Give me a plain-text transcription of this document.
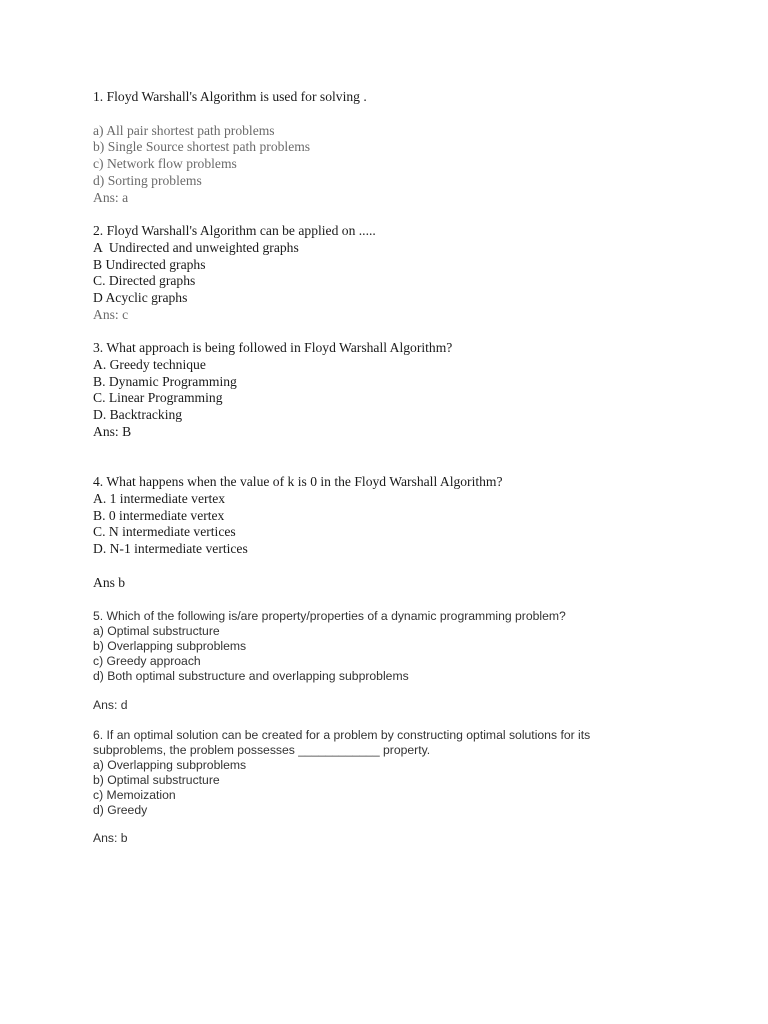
1. Floyd Warshall's Algorithm is used for solving .
a) All pair shortest path problems
b) Single Source shortest path problems
c) Network flow problems
d) Sorting problems
Ans: a
2. Floyd Warshall's Algorithm can be applied on .....
A  Undirected and unweighted graphs
B Undirected graphs
C. Directed graphs
D Acyclic graphs
Ans: c
3. What approach is being followed in Floyd Warshall Algorithm?
A. Greedy technique
B. Dynamic Programming
C. Linear Programming
D. Backtracking
Ans: B
4. What happens when the value of k is 0 in the Floyd Warshall Algorithm?
A. 1 intermediate vertex
B. 0 intermediate vertex
C. N intermediate vertices
D. N-1 intermediate vertices
Ans b
5. Which of the following is/are property/properties of a dynamic programming problem?
a) Optimal substructure
b) Overlapping subproblems
c) Greedy approach
d) Both optimal substructure and overlapping subproblems
Ans: d
6. If an optimal solution can be created for a problem by constructing optimal solutions for its subproblems, the problem possesses ____________ property.
a) Overlapping subproblems
b) Optimal substructure
c) Memoization
d) Greedy
Ans: b
